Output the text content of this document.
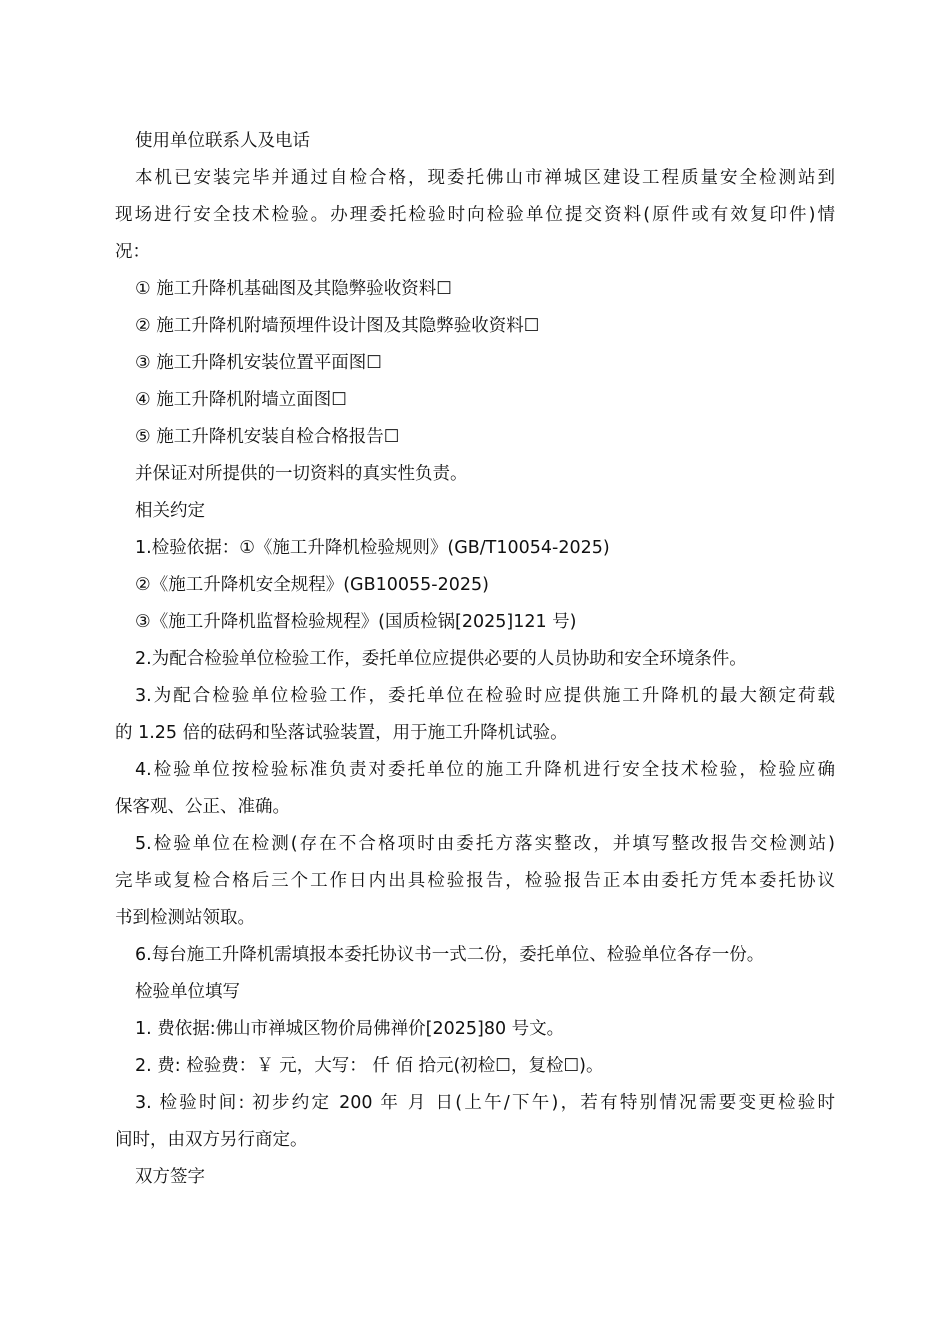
使用单位联系人及电话
本机已安装完毕并通过自检合格，现委托佛山市禅城区建设工程质量安全检测站到
现场进行安全技术检验。办理委托检验时向检验单位提交资料(原件或有效复印件)情
况：
① 施工升降机基础图及其隐弊验收资料☐
② 施工升降机附墙预埋件设计图及其隐弊验收资料☐
③ 施工升降机安装位置平面图☐
④ 施工升降机附墙立面图☐
⑤ 施工升降机安装自检合格报告☐
并保证对所提供的一切资料的真实性负责。
相关约定
1.检验依据：①《施工升降机检验规则》(GB/T10054-2025)
②《施工升降机安全规程》(GB10055-2025)
③《施工升降机监督检验规程》(国质检锅[2025]121 号)
2.为配合检验单位检验工作，委托单位应提供必要的人员协助和安全环境条件。
3.为配合检验单位检验工作，委托单位在检验时应提供施工升降机的最大额定荷载
的 1.25 倍的砝码和坠落试验装置，用于施工升降机试验。
4.检验单位按检验标准负责对委托单位的施工升降机进行安全技术检验，检验应确
保客观、公正、准确。
5.检验单位在检测(存在不合格项时由委托方落实整改，并填写整改报告交检测站)
完毕或复检合格后三个工作日内出具检验报告，检验报告正本由委托方凭本委托协议
书到检测站领取。
6.每台施工升降机需填报本委托协议书一式二份，委托单位、检验单位各存一份。
检验单位填写
1. 费依据:佛山市禅城区物价局佛禅价[2025]80 号文。
2. 费: 检验费：￥ 元，大写： 仟 佰 拾元(初检☐，复检☐)。
3. 检验时间: 初步约定 200 年 月 日(上午/下午)，若有特别情况需要变更检验时
间时，由双方另行商定。
双方签字
